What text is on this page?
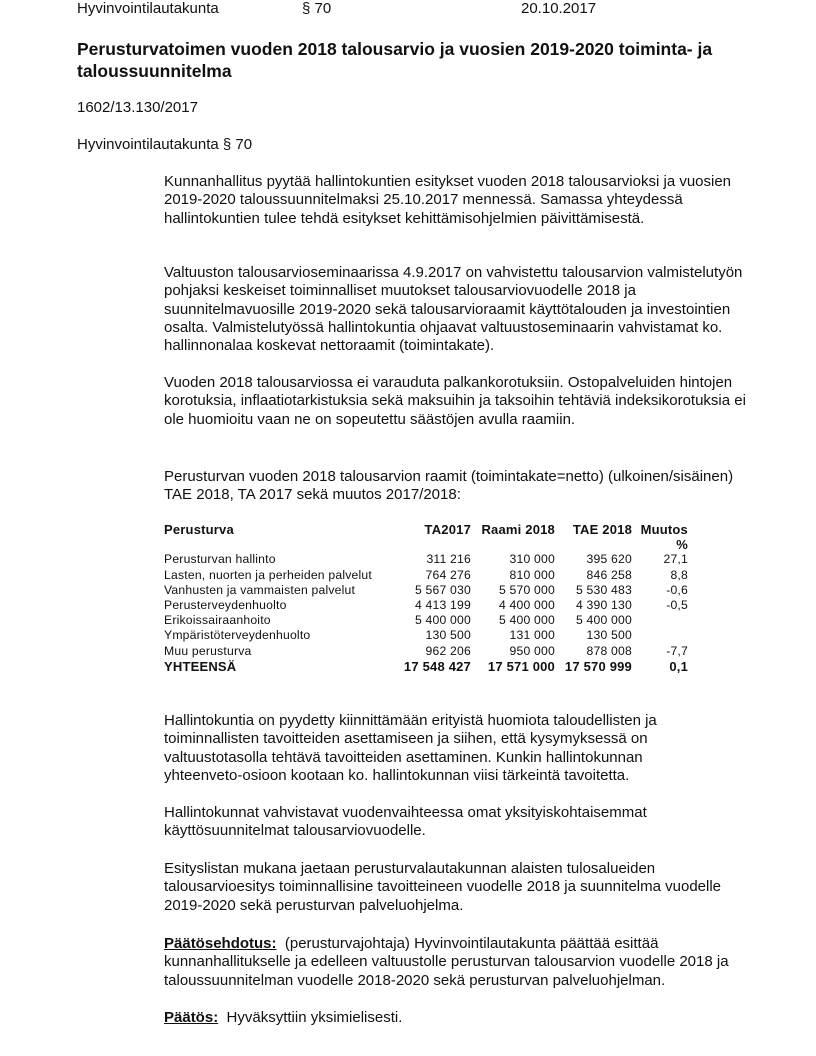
Hyvinvointilautakunta	§ 70	20.10.2017
Perusturvatoimen vuoden 2018 talousarvio ja vuosien 2019-2020 toiminta- ja taloussuunnitelma
1602/13.130/2017
Hyvinvointilautakunta § 70

Kunnanhallitus pyytää hallintokuntien esitykset vuoden 2018 talousarvioksi ja vuosien 2019-2020 taloussuunnitelmaksi 25.10.2017 mennessä. Samassa yhteydessä hallintokuntien tulee tehdä esitykset kehittämisohjelmien päivittämisestä.

Valtuuston talousarvioseminaarissa 4.9.2017 on vahvistettu talousarvion valmistelutyön pohjaksi keskeiset toiminnalliset muutokset talousarviovuodelle 2018 ja suunnitelmavuosille 2019-2020 sekä talousarvioraamit käyttötalouden ja investointien osalta. Valmistelutyössä hallintokuntia ohjaavat valtuustoseminaarin vahvistamat ko. hallinnonalaa koskevat nettoraamit (toimintakate).

Vuoden 2018 talousarviossa ei varauduta palkankorotuksiin. Ostopalveluiden hintojen korotuksia, inflaatiotarkistuksia sekä maksuihin ja taksoihin tehtäviä indeksikorotuksia ei ole huomioitu vaan ne on sopeutettu säästöjen avulla raamiin.

Perusturvan vuoden 2018 talousarvion raamit (toimintakate=netto) (ulkoinen/sisäinen) TAE 2018, TA 2017 sekä muutos 2017/2018:

Perusturva	TA2017	Raami 2018	TAE 2018	Muutos %
Perusturvan hallinto	311 216	310 000	395 620	27,1
Lasten, nuorten ja perheiden palvelut	764 276	810 000	846 258	8,8
Vanhusten ja vammaisten palvelut	5 567 030	5 570 000	5 530 483	-0,6
Perusterveydenhuolto	4 413 199	4 400 000	4 390 130	-0,5
Erikoissairaanhoito	5 400 000	5 400 000	5 400 000	
Ympäristöterveydenhuolto	130 500	131 000	130 500	
Muu perusturva	962 206	950 000	878 008	-7,7
YHTEENSÄ	17 548 427	17 571 000	17 570 999	0,1

Hallintokuntia on pyydetty kiinnittämään erityistä huomiota taloudellisten ja toiminnallisten tavoitteiden asettamiseen ja siihen, että kysymyksessä on valtuustotasolla tehtävä tavoitteiden asettaminen. Kunkin hallintokunnan yhteenveto-osioon kootaan ko. hallintokunnan viisi tärkeintä tavoitetta.

Hallintokunnat vahvistavat vuodenvaihteessa omat yksityiskohtaisemmat käyttösuunnitelmat talousarviovuodelle.

Esityslistan mukana jaetaan perusturvalautakunnan alaisten tulosalueiden talousarvioesitys toiminnallisine tavoitteineen vuodelle 2018 ja suunnitelma vuodelle 2019-2020 sekä perusturvan palveluohjelma.

Päätösehdotus: (perusturvajohtaja) Hyvinvointilautakunta päättää esittää kunnanhallitukselle ja edelleen valtuustolle perusturvan talousarvion vuodelle 2018 ja taloussuunnitelman vuodelle 2018-2020 sekä perusturvan palveluohjelman.

Päätös: Hyväksyttiin yksimielisesti.
